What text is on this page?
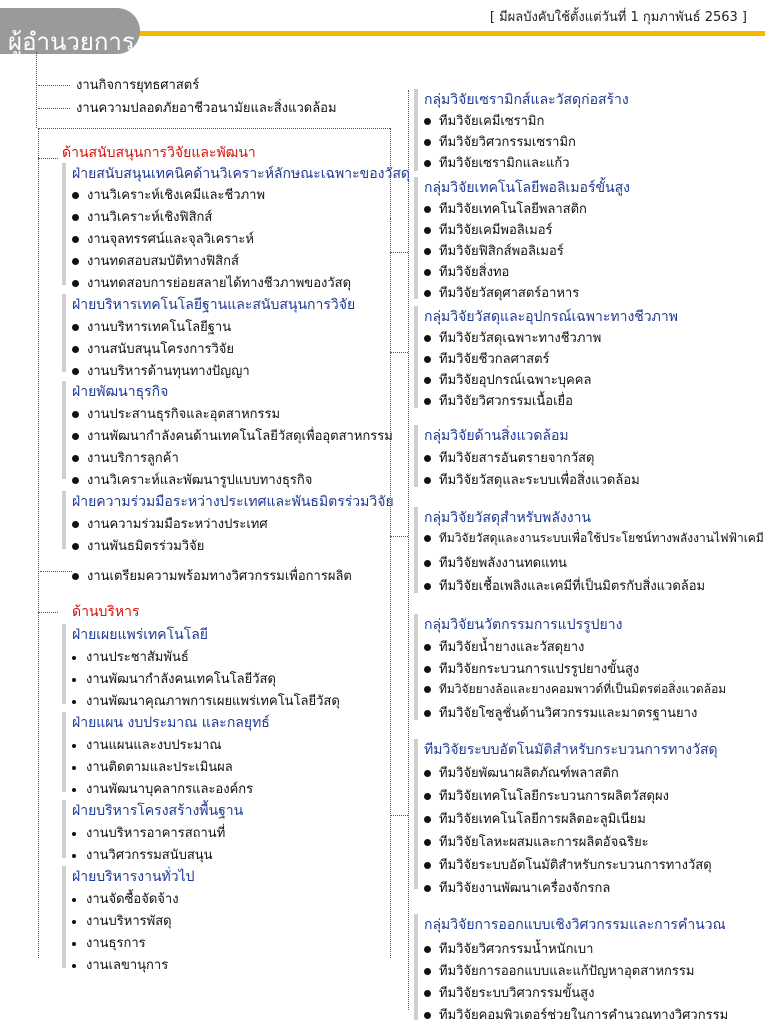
ผู้อำนวยการ
[ มีผลบังคับใช้ตั้งแต่วันที่ 1 กุมภาพันธ์ 2563 ]
งานกิจการยุทธศาสตร์
งานความปลอดภัยอาชีวอนามัยและสิ่งแวดล้อม
ด้านสนับสนุนการวิจัยและพัฒนา
ฝ่ายสนับสนุนเทคนิคด้านวิเคราะห์ลักษณะเฉพาะของวัสดุ
งานวิเคราะห์เชิงเคมีและชีวภาพ
งานวิเคราะห์เชิงฟิสิกส์
งานจุลทรรศน์และจุลวิเคราะห์
งานทดสอบสมบัติทางฟิสิกส์
งานทดสอบการย่อยสลายได้ทางชีวภาพของวัสดุ
ฝ่ายบริหารเทคโนโลยีฐานและสนับสนุนการวิจัย
งานบริหารเทคโนโลยีฐาน
งานสนับสนุนโครงการวิจัย
งานบริหารด้านทุนทางปัญญา
ฝ่ายพัฒนาธุรกิจ
งานประสานธุรกิจและอุตสาหกรรม
งานพัฒนากำลังคนด้านเทคโนโลยีวัสดุเพื่ออุตสาหกรรม
งานบริการลูกค้า
งานวิเคราะห์และพัฒนารูปแบบทางธุรกิจ
ฝ่ายความร่วมมือระหว่างประเทศและพันธมิตรร่วมวิจัย
งานความร่วมมือระหว่างประเทศ
งานพันธมิตรร่วมวิจัย
งานเตรียมความพร้อมทางวิศวกรรมเพื่อการผลิต
ด้านบริหาร
ฝ่ายเผยแพร่เทคโนโลยี
งานประชาสัมพันธ์
งานพัฒนากำลังคนเทคโนโลยีวัสดุ
งานพัฒนาคุณภาพการเผยแพร่เทคโนโลยีวัสดุ
ฝ่ายแผน งบประมาณ และกลยุทธ์
งานแผนและงบประมาณ
งานติดตามและประเมินผล
งานพัฒนาบุคลากรและองค์กร
ฝ่ายบริหารโครงสร้างพื้นฐาน
งานบริหารอาคารสถานที่
งานวิศวกรรมสนับสนุน
ฝ่ายบริหารงานทั่วไป
งานจัดซื้อจัดจ้าง
งานบริหารพัสดุ
งานธุรการ
งานเลขานุการ
กลุ่มวิจัยเซรามิกส์และวัสดุก่อสร้าง
ทีมวิจัยเคมีเซรามิก
ทีมวิจัยวิศวกรรมเซรามิก
ทีมวิจัยเซรามิกและแก้ว
กลุ่มวิจัยเทคโนโลยีพอลิเมอร์ขั้นสูง
ทีมวิจัยเทคโนโลยีพลาสติก
ทีมวิจัยเคมีพอลิเมอร์
ทีมวิจัยฟิสิกส์พอลิเมอร์
ทีมวิจัยสิ่งทอ
ทีมวิจัยวัสดุศาสตร์อาหาร
กลุ่มวิจัยวัสดุและอุปกรณ์เฉพาะทางชีวภาพ
ทีมวิจัยวัสดุเฉพาะทางชีวภาพ
ทีมวิจัยชีวกลศาสตร์
ทีมวิจัยอุปกรณ์เฉพาะบุคคล
ทีมวิจัยวิศวกรรมเนื้อเยื่อ
กลุ่มวิจัยด้านสิ่งแวดล้อม
ทีมวิจัยสารอันตรายจากวัสดุ
ทีมวิจัยวัสดุและระบบเพื่อสิ่งแวดล้อม
กลุ่มวิจัยวัสดุสำหรับพลังงาน
ทีมวิจัยวัสดุและงานระบบเพื่อใช้ประโยชน์ทางพลังงานไฟฟ้าเคมี
ทีมวิจัยพลังงานทดแทน
ทีมวิจัยเชื้อเพลิงและเคมีที่เป็นมิตรกับสิ่งแวดล้อม
กลุ่มวิจัยนวัตกรรมการแปรรูปยาง
ทีมวิจัยน้ำยางและวัสดุยาง
ทีมวิจัยกระบวนการแปรรูปยางขั้นสูง
ทีมวิจัยยางล้อและยางคอมพาวด์ที่เป็นมิตรต่อสิ่งแวดล้อม
ทีมวิจัยโซลูชั่นด้านวิศวกรรมและมาตรฐานยาง
ทีมวิจัยระบบอัตโนมัติสำหรับกระบวนการทางวัสดุ
ทีมวิจัยพัฒนาผลิตภัณฑ์พลาสติก
ทีมวิจัยเทคโนโลยีกระบวนการผลิตวัสดุผง
ทีมวิจัยเทคโนโลยีการผลิตอะลูมิเนียม
ทีมวิจัยโลหะผสมและการผลิตอัจฉริยะ
ทีมวิจัยระบบอัตโนมัติสำหรับกระบวนการทางวัสดุ
ทีมวิจัยงานพัฒนาเครื่องจักรกล
กลุ่มวิจัยการออกแบบเชิงวิศวกรรมและการคำนวณ
ทีมวิจัยวิศวกรรมน้ำหนักเบา
ทีมวิจัยการออกแบบและแก้ปัญหาอุตสาหกรรม
ทีมวิจัยระบบวิศวกรรมขั้นสูง
ทีมวิจัยคอมพิวเตอร์ช่วยในการคำนวณทางวิศวกรรม
